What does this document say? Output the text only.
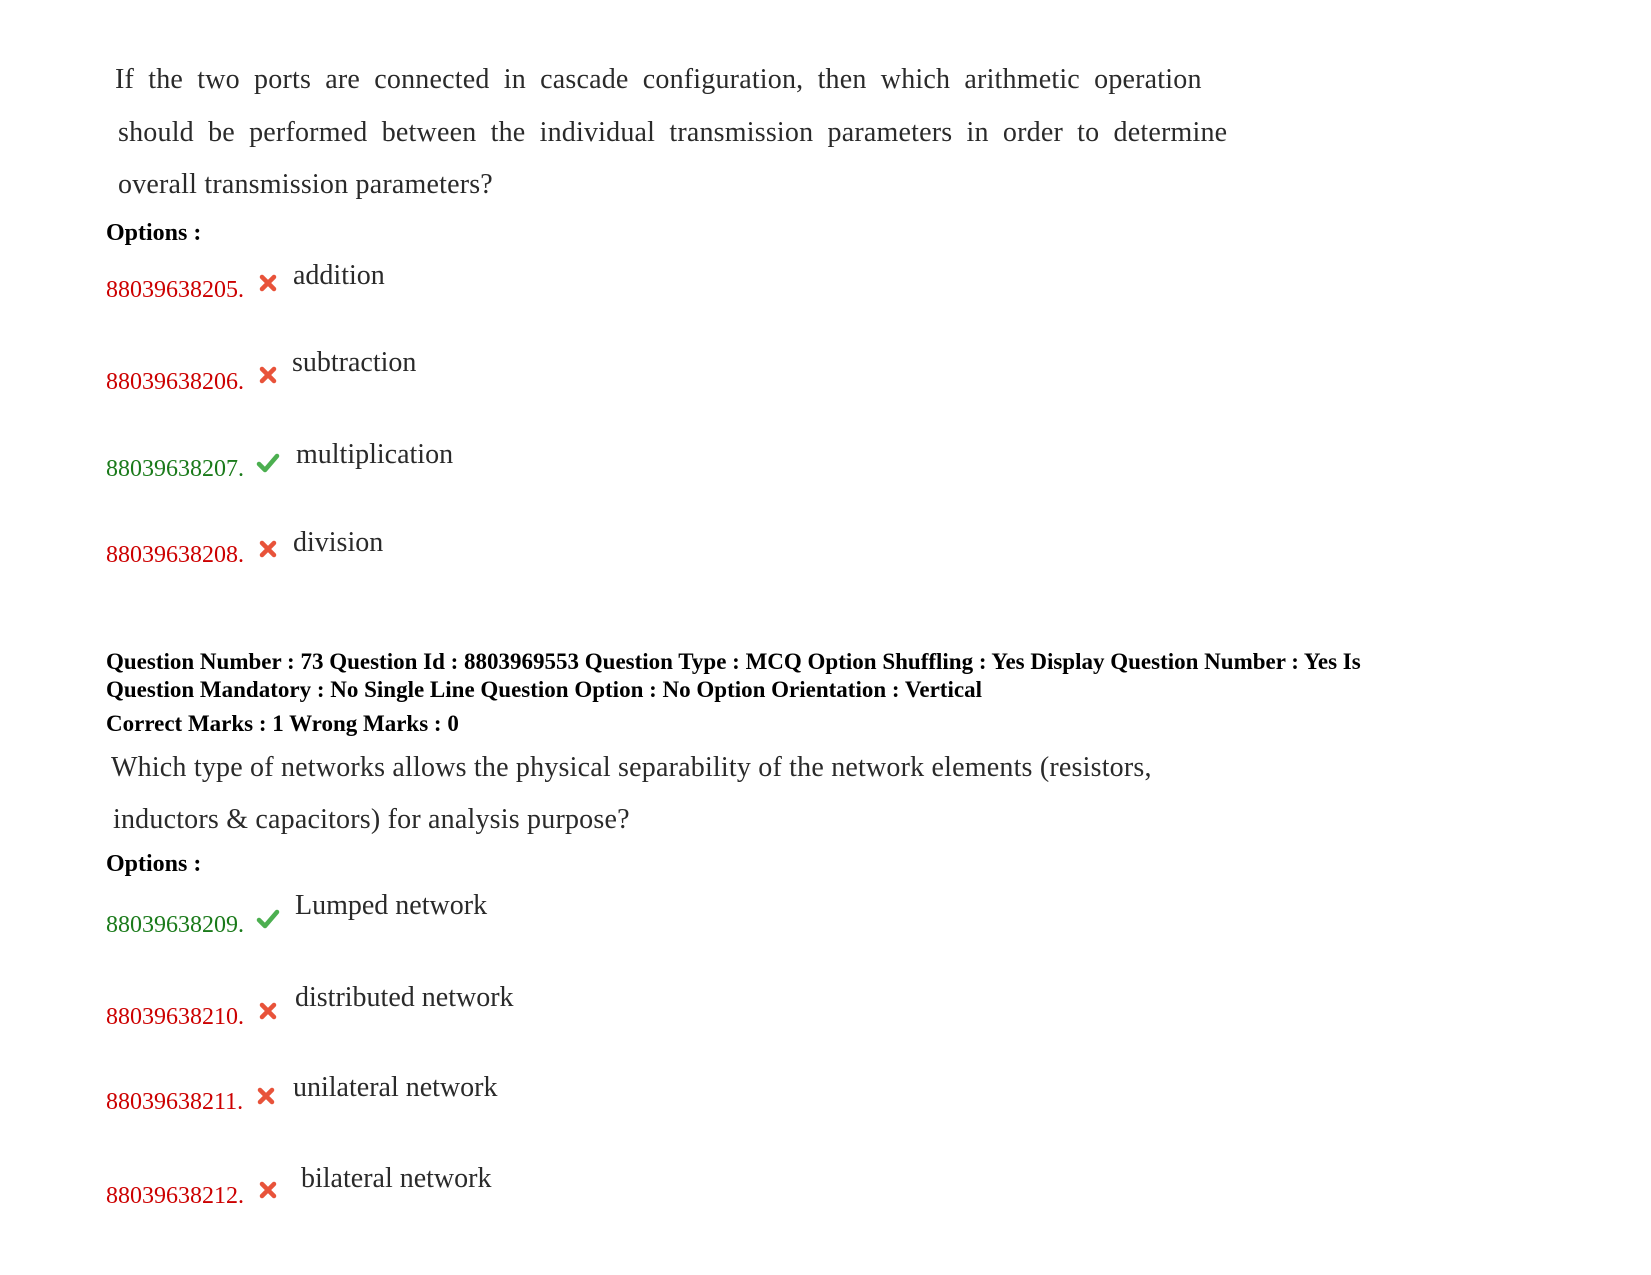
If the two ports are connected in cascade configuration, then which arithmetic operation
should be performed between the individual transmission parameters in order to determine
overall transmission parameters?
Options :
88039638205. addition
88039638206.
subtraction
88039638207. multiplication
88039638208. division
Question Number : 73 Question Id : 8803969553 Question Type : MCQ Option Shuffling : Yes Display Question Number : Yes Is
Question Mandatory : No Single Line Question Option : No Option Orientation : Vertical
Correct Marks : 1 Wrong Marks : 0
Which type of networks allows the physical separability of the network elements (resistors,
inductors & capacitors) for analysis purpose?
Options :
88039638209.
Lumped network
88039638210.
distributed network
88039638211. unilateral network
88039638212.
bilateral network
